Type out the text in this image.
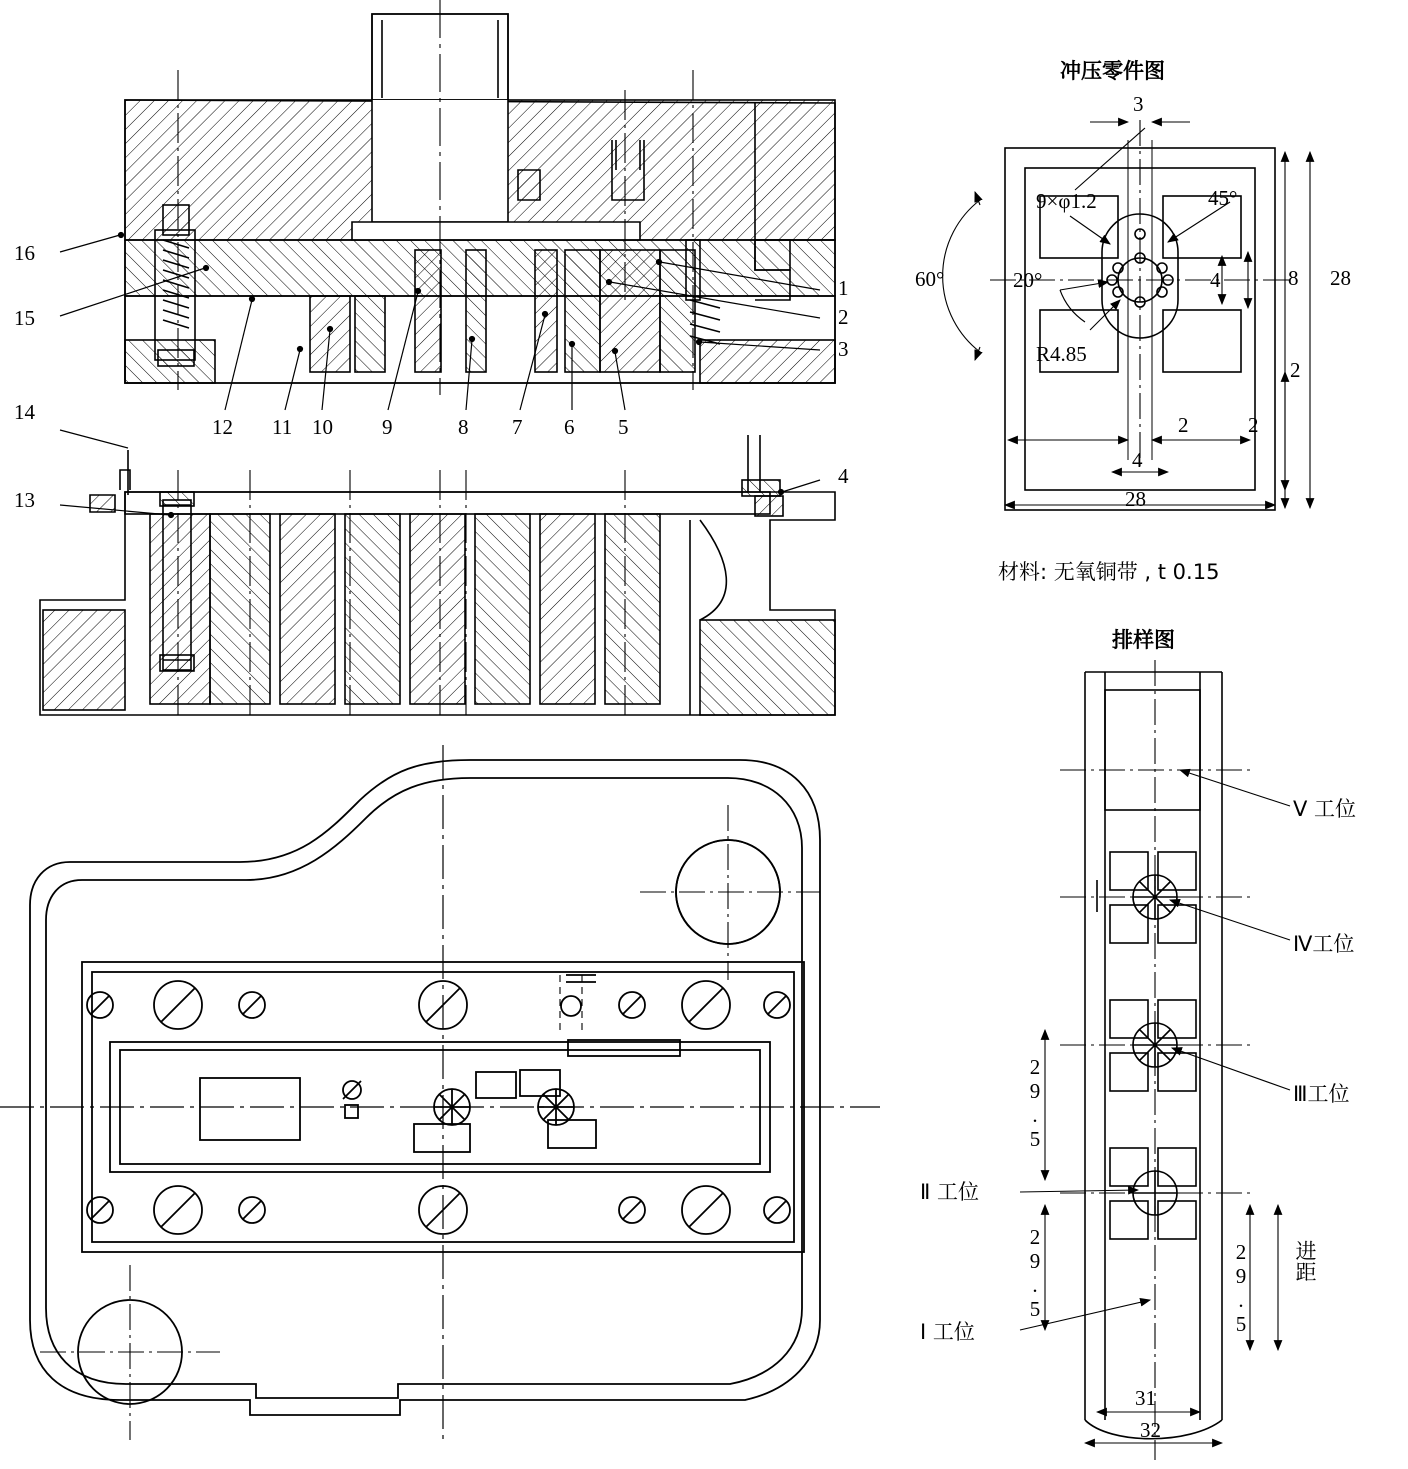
16
15
14
13
1
2
3
4
12 11 10 9	8 7 6 5
冲压零件图
3
9×φ1.2	45°
60°	20°
R4.85
4	8 28
2
2	2
4
28
材料: 无氧铜带 , t 0.15
排样图
Ⅴ 工位
Ⅳ工位
Ⅲ工位
Ⅱ 工位
Ⅰ 工位
29.5
29.5	29.5 进距
31
32
